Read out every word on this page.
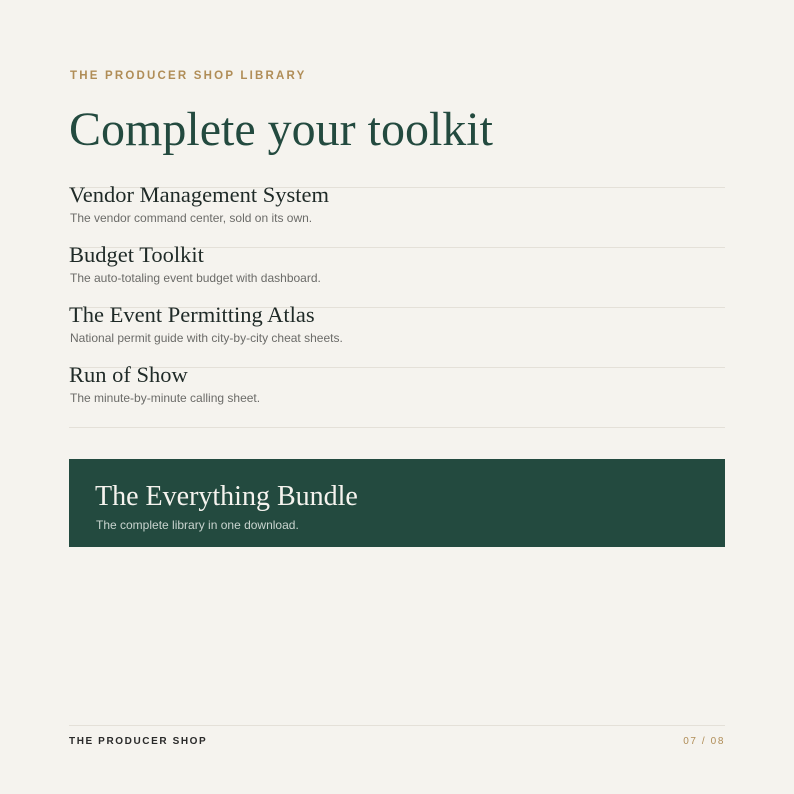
THE PRODUCER SHOP LIBRARY
Complete your toolkit
Vendor Management System
The vendor command center, sold on its own.
Budget Toolkit
The auto-totaling event budget with dashboard.
The Event Permitting Atlas
National permit guide with city-by-city cheat sheets.
Run of Show
The minute-by-minute calling sheet.
The Everything Bundle
The complete library in one download.
THE PRODUCER SHOP	07 / 08
